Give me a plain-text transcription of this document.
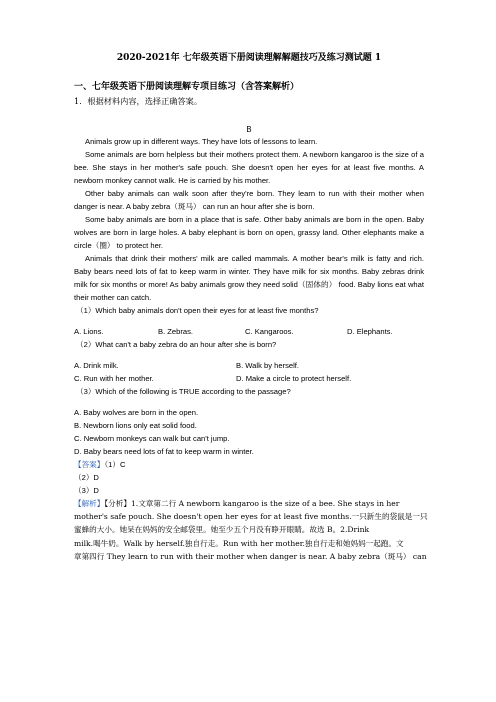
2020-2021年 七年级英语下册阅读理解解题技巧及练习测试题 1
一、七年级英语下册阅读理解专项目练习（含答案解析）
1．根据材料内容，选择正确答案。
B
Animals grow up in different ways. They have lots of lessons to learn.
Some animals are born helpless but their mothers protect them. A newborn kangaroo is the size of a bee. She stays in her mother's safe pouch. She doesn't open her eyes for at least five months. A newborn monkey cannot walk. He is carried by his mother.
Other baby animals can walk soon after they're born. They learn to run with their mother when danger is near. A baby zebra（斑马） can run an hour after she is born.
Some baby animals are born in a place that is safe. Other baby animals are born in the open. Baby wolves are born in large holes. A baby elephant is born on open, grassy land. Other elephants make a circle（圈） to protect her.
Animals that drink their mothers' milk are called mammals. A mother bear's milk is fatty and rich. Baby bears need lots of fat to keep warm in winter. They have milk for six months. Baby zebras drink milk for six months or more! As baby animals grow they need solid（固体的） food. Baby lions eat what their mother can catch.
（1）Which baby animals don't open their eyes for at least five months?
A. Lions.	B. Zebras.	C. Kangaroos.	D. Elephants.
（2）What can't a baby zebra do an hour after she is born?
A. Drink milk.	B. Walk by herself.
C. Run with her mother.	D. Make a circle to protect herself.
（3）Which of the following is TRUE according to the passage?
A. Baby wolves are born in the open.
B. Newborn lions only eat solid food.
C. Newborn monkeys can walk but can't jump.
D. Baby bears need lots of fat to keep warm in winter.
【答案】（1）C
（2）D
（3）D
【解析】【分析】1.文章第二行 A newborn kangaroo is the size of a bee. She stays in her
mother's safe pouch. She doesn't open her eyes for at least five months.一只新生的袋鼠是一只
蜜蜂的大小。她呆在妈妈的安全邮袋里。她至少五个月没有睁开眼睛。故选 B。2.Drink
milk.喝牛奶。Walk by herself.独自行走。Run with her mother.独自行走和她妈妈一起跑。文
章第四行 They learn to run with their mother when danger is near. A baby zebra（斑马） can
